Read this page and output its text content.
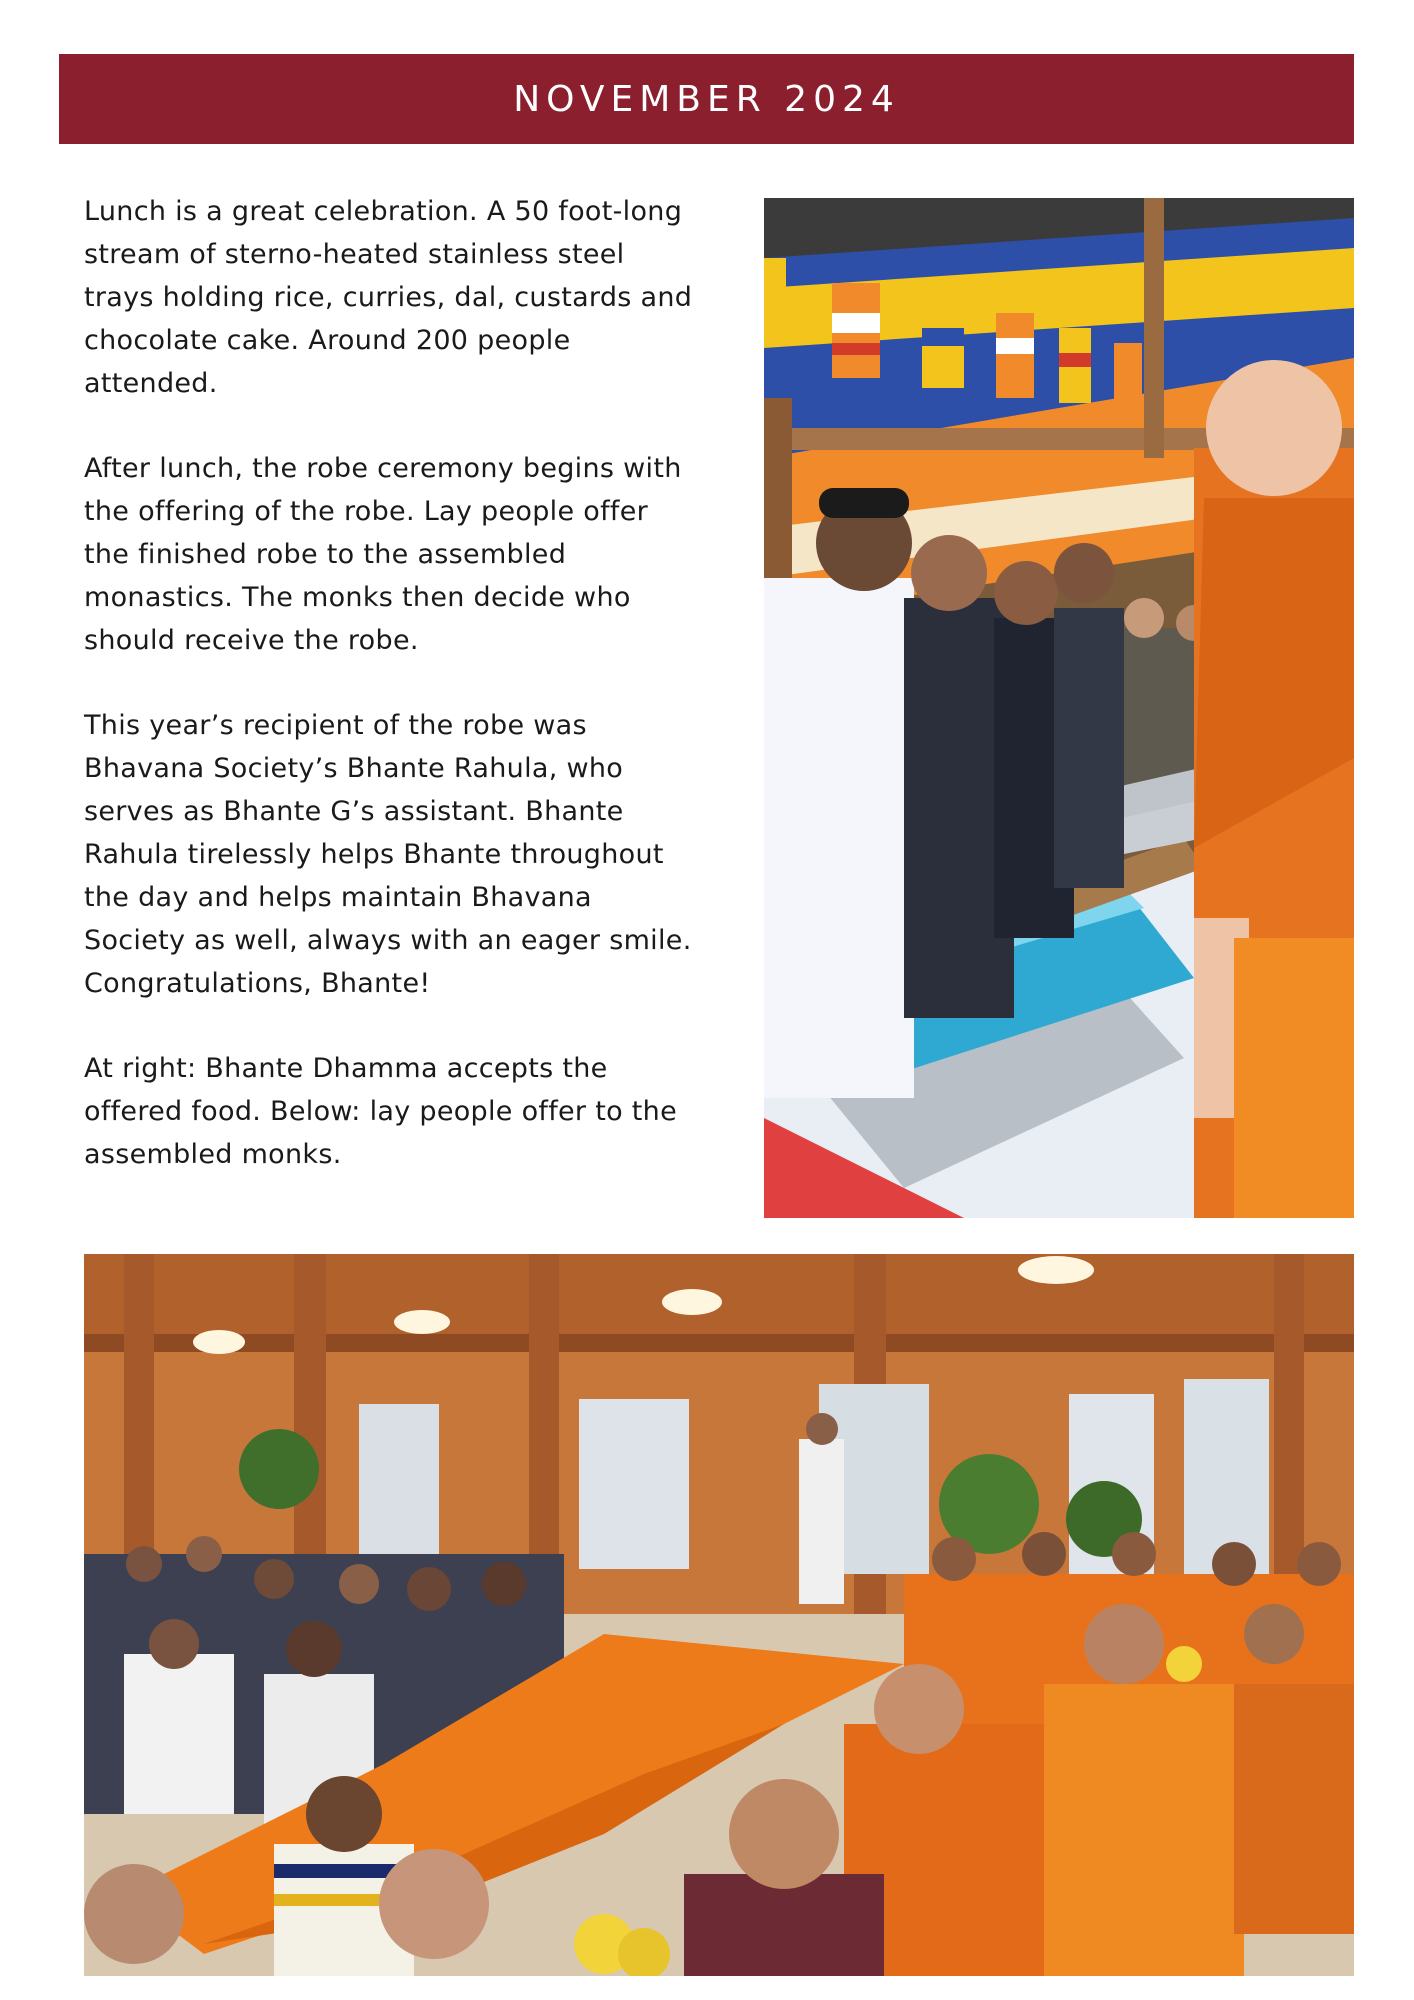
NOVEMBER 2024

Lunch is a great celebration. A 50 foot-long stream of sterno-heated stainless steel trays holding rice, curries, dal, custards and chocolate cake. Around 200 people attended.

After lunch, the robe ceremony begins with the offering of the robe. Lay people offer the finished robe to the assembled monastics. The monks then decide who should receive the robe.

This year’s recipient of the robe was Bhavana Society’s Bhante Rahula, who serves as Bhante G’s assistant. Bhante Rahula tirelessly helps Bhante throughout the day and helps maintain Bhavana Society as well, always with an eager smile. Congratulations, Bhante!

At right: Bhante Dhamma accepts the offered food. Below: lay people offer to the assembled monks.
